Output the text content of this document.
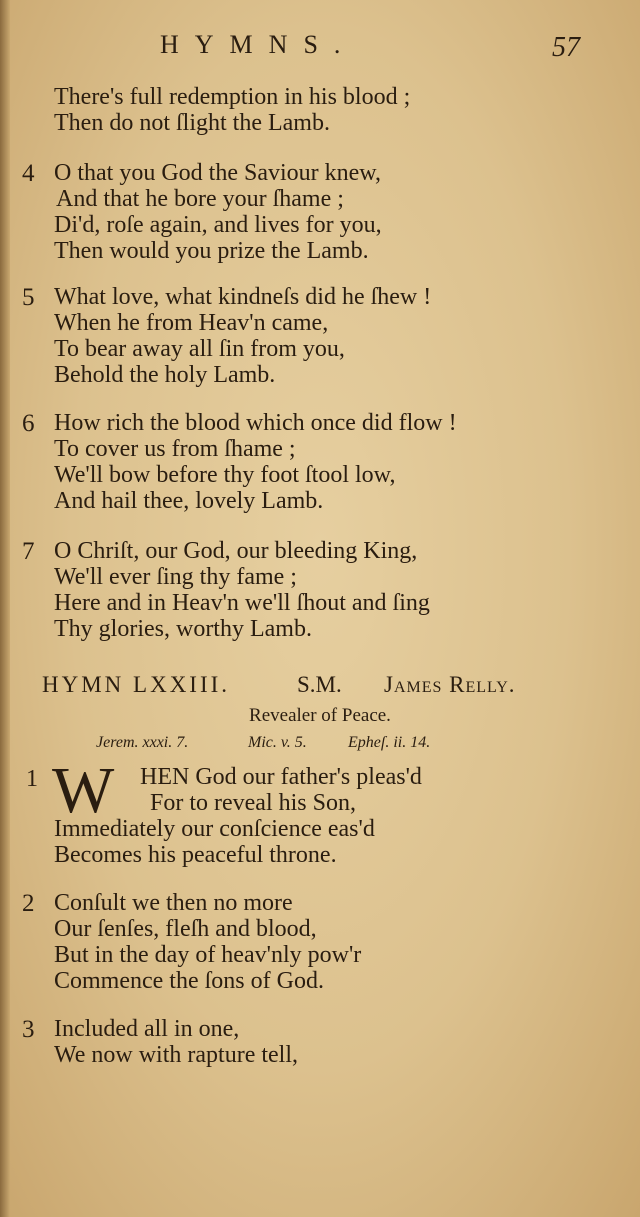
HYMNS.	57
There's full redemption in his blood ;
Then do not ſlight the Lamb.
4 O that you God the Saviour knew,
And that he bore your ſhame ;
Di'd, roſe again, and lives for you,
Then would you prize the Lamb.
5 What love, what kindneſs did he ſhew !
When he from Heav'n came,
To bear away all ſin from you,
Behold the holy Lamb.
6 How rich the blood which once did flow !
To cover us from ſhame ;
We'll bow before thy foot ſtool low,
And hail thee, lovely Lamb.
7 O Chriſt, our God, our bleeding King,
We'll ever ſing thy fame ;
Here and in Heav'n we'll ſhout and ſing
Thy glories, worthy Lamb.
HYMN LXXIII.	S.M. James Relly.
Revealer of Peace.
Jerem. xxxi. 7.	Mic. v. 5.	Epheſ. ii. 14.
1 W HEN God our father's pleas'd
For to reveal his Son,
Immediately our conſcience eas'd
Becomes his peaceful throne.
2 Conſult we then no more
Our ſenſes, fleſh and blood,
But in the day of heav'nly pow'r
Commence the ſons of God.
3 Included all in one,
We now with rapture tell,
